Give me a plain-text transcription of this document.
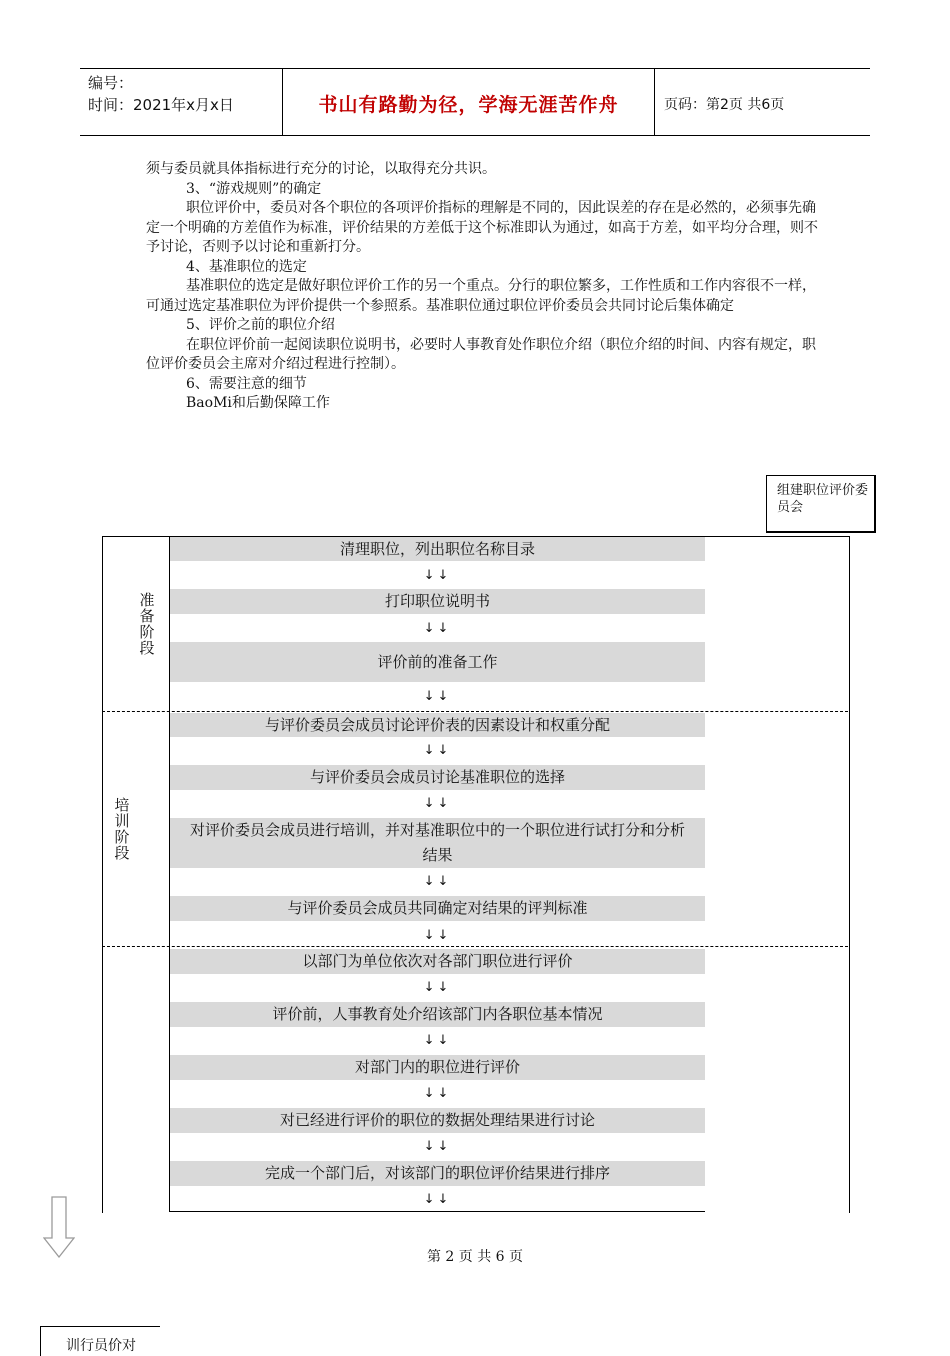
编号：
时间：2021年x月x日	书山有路勤为径，学海无涯苦作舟	页码：第2页 共6页

须与委员就具体指标进行充分的讨论，以取得充分共识。

3、“游戏规则”的确定

职位评价中，委员对各个职位的各项评价指标的理解是不同的，因此误差的存在是必然的，必须事先确定一个明确的方差值作为标准，评价结果的方差低于这个标准即认为通过，如高于方差，如平均分合理，则不予讨论，否则予以讨论和重新打分。

4、基准职位的选定

基准职位的选定是做好职位评价工作的另一个重点。分行的职位繁多，工作性质和工作内容很不一样，可通过选定基准职位为评价提供一个参照系。基准职位通过职位评价委员会共同讨论后集体确定

5、评价之前的职位介绍

在职位评价前一起阅读职位说明书，必要时人事教育处作职位介绍（职位介绍的时间、内容有规定，职位评价委员会主席对介绍过程进行控制）。

6、需要注意的细节

BaoMi和后勤保障工作

组建职位评价委员会
准备阶段
培训阶段
清理职位，列出职位名称目录
↓↓
打印职位说明书
↓↓
评价前的准备工作
↓↓
与评价委员会成员讨论评价表的因素设计和权重分配
↓↓
与评价委员会成员讨论基准职位的选择
↓↓
对评价委员会成员进行培训，并对基准职位中的一个职位进行试打分和分析结果
↓↓
与评价委员会成员共同确定对结果的评判标准
↓↓
以部门为单位依次对各部门职位进行评价
↓↓
评价前，人事教育处介绍该部门内各职位基本情况
↓↓
对部门内的职位进行评价
↓↓
对已经进行评价的职位的数据处理结果进行讨论
↓↓
完成一个部门后，对该部门的职位评价结果进行排序
↓↓
第 2 页 共 6 页
训行员价对
